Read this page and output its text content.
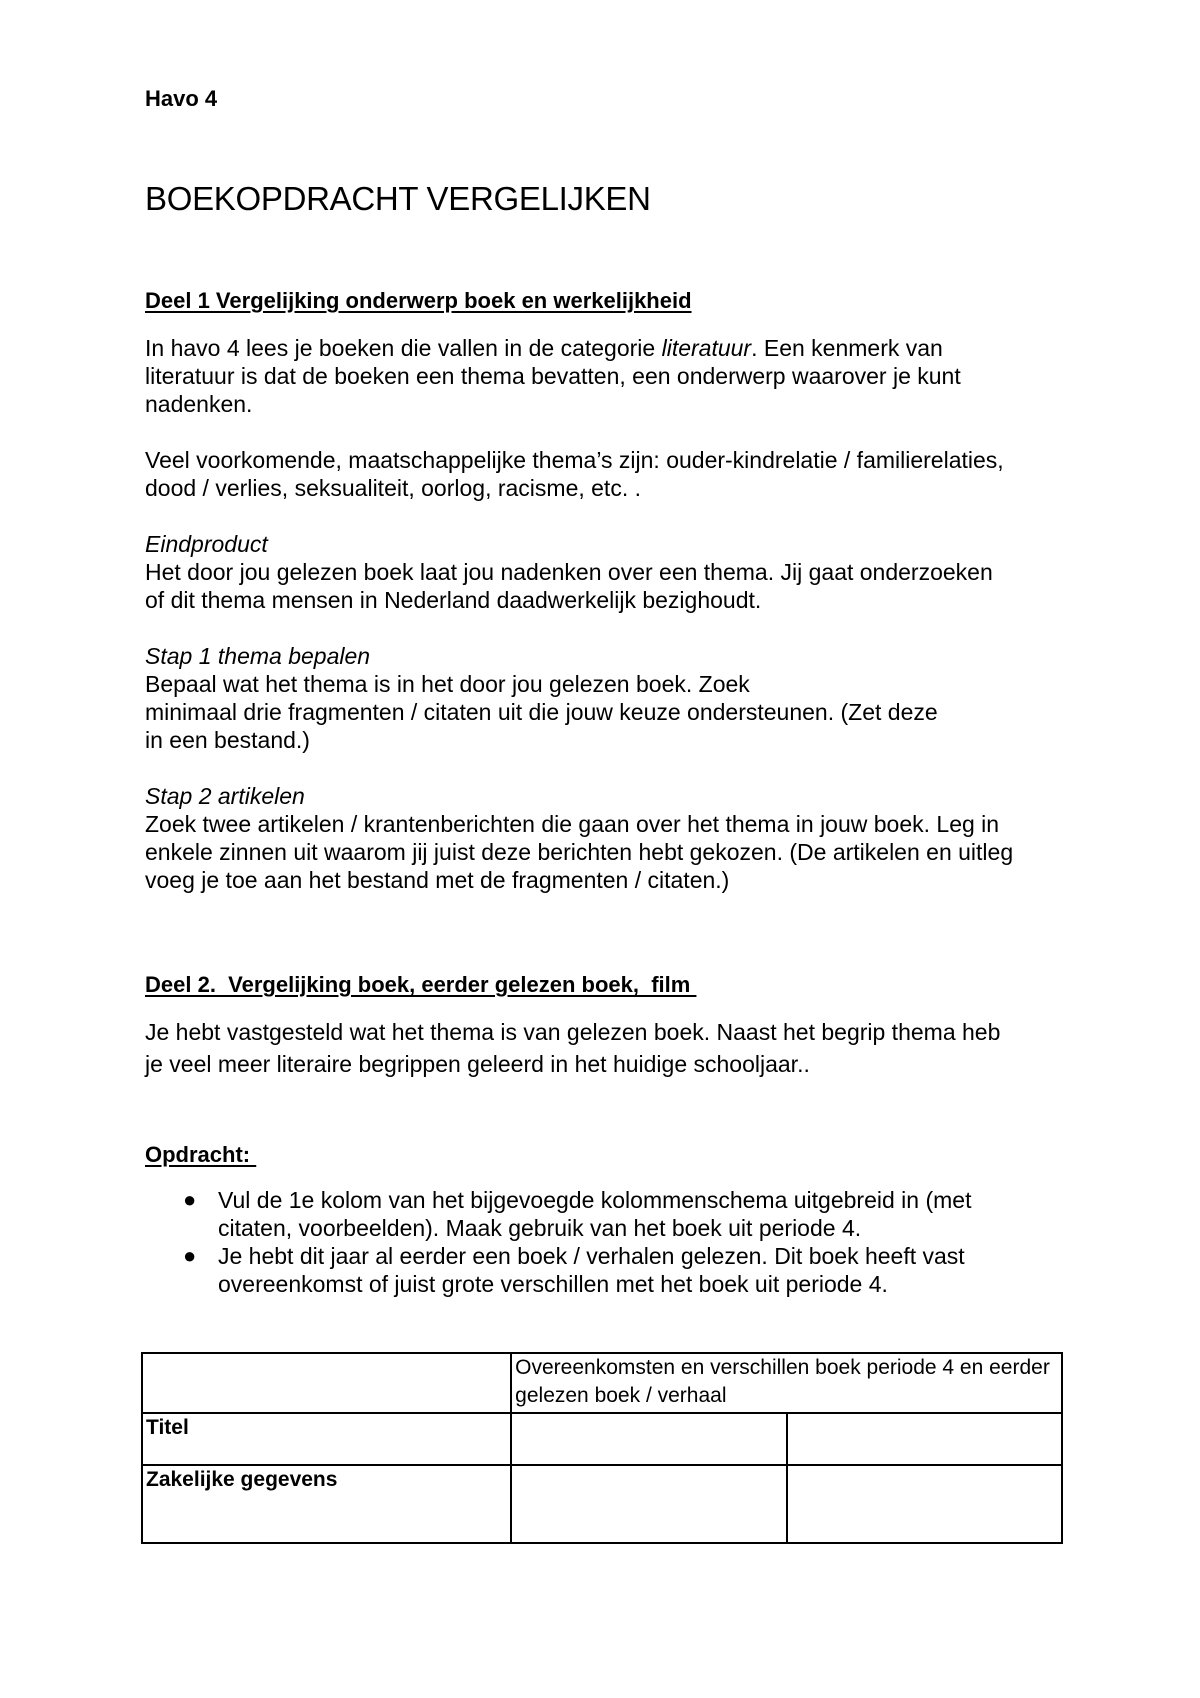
Havo 4
BOEKOPDRACHT VERGELIJKEN
Deel 1 Vergelijking onderwerp boek en werkelijkheid

In havo 4 lees je boeken die vallen in de categorie literatuur. Een kenmerk van

literatuur is dat de boeken een thema bevatten, een onderwerp waarover je kunt

nadenken.

Veel voorkomende, maatschappelijke thema’s zijn: ouder-kindrelatie / familierelaties,

dood / verlies, seksualiteit, oorlog, racisme, etc. .

Eindproduct

Het door jou gelezen boek laat jou nadenken over een thema. Jij gaat onderzoeken

of dit thema mensen in Nederland daadwerkelijk bezighoudt.

Stap 1 thema bepalen

Bepaal wat het thema is in het door jou gelezen boek. Zoek

minimaal drie fragmenten / citaten uit die jouw keuze ondersteunen. (Zet deze

in een bestand.)

Stap 2 artikelen

Zoek twee artikelen / krantenberichten die gaan over het thema in jouw boek. Leg in

enkele zinnen uit waarom jij juist deze berichten hebt gekozen. (De artikelen en uitleg

voeg je toe aan het bestand met de fragmenten / citaten.)

Deel 2.  Vergelijking boek, eerder gelezen boek,  film

Je hebt vastgesteld wat het thema is van gelezen boek. Naast het begrip thema heb

je veel meer literaire begrippen geleerd in het huidige schooljaar..

Opdracht:
● Vul de 1e kolom van het bijgevoegde kolommenschema uitgebreid in (met
citaten, voorbeelden). Maak gebruik van het boek uit periode 4.
● Je hebt dit jaar al eerder een boek / verhalen gelezen. Dit boek heeft vast
overeenkomst of juist grote verschillen met het boek uit periode 4.
	Overeenkomsten en verschillen boek periode 4 en eerder gelezen boek / verhaal	
Titel		
Zakelijke gegevens		
